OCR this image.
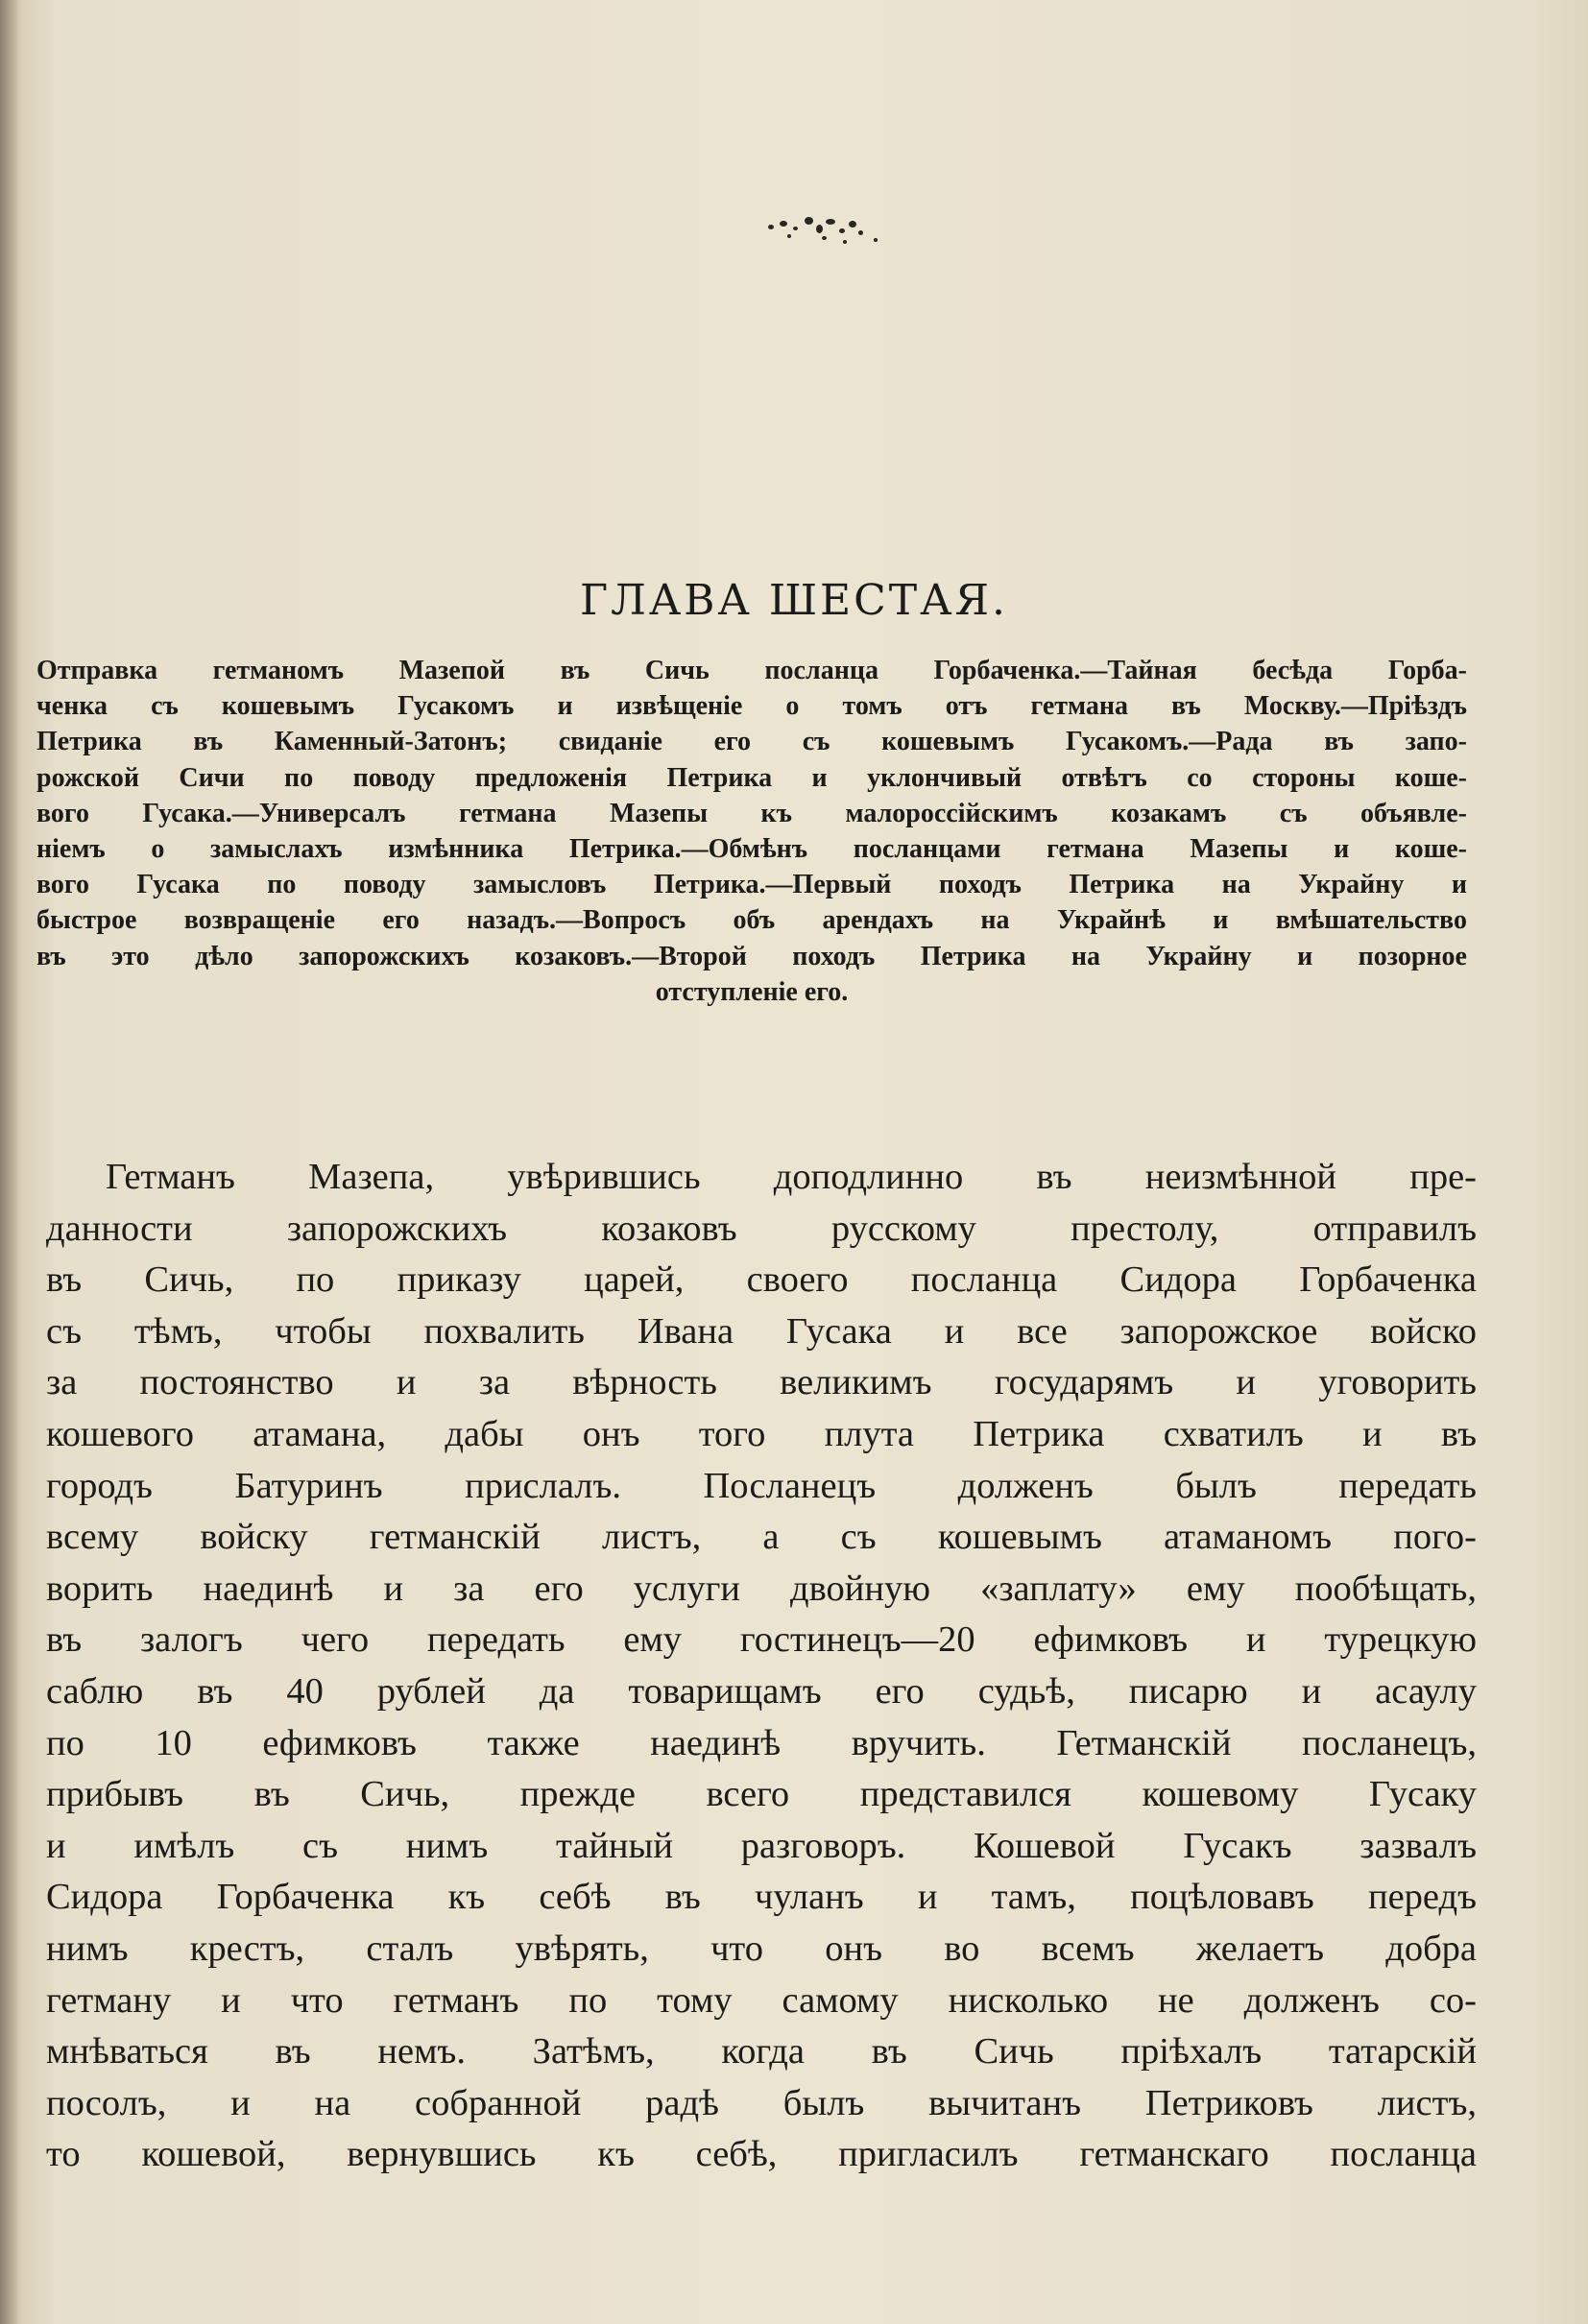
ГЛАВА ШЕСТАЯ.
Отправка гетманомъ Мазепой въ Сичь посланца Горбаченка.—Тайная бесѣда Горба-
ченка съ кошевымъ Гусакомъ и извѣщеніе о томъ отъ гетмана въ Москву.—Пріѣздъ
Петрика въ Каменный-Затонъ; свиданіе его съ кошевымъ Гусакомъ.—Рада въ запо-
рожской Сичи по поводу предложенія Петрика и уклончивый отвѣтъ со стороны коше-
вого Гусака.—Универсалъ гетмана Мазепы къ малороссійскимъ козакамъ съ объявле-
ніемъ о замыслахъ измѣнника Петрика.—Обмѣнъ посланцами гетмана Мазепы и коше-
вого Гусака по поводу замысловъ Петрика.—Первый походъ Петрика на Украйну и
быстрое возвращеніе его назадъ.—Вопросъ объ арендахъ на Украйнѣ и вмѣшательство
въ это дѣло запорожскихъ козаковъ.—Второй походъ Петрика на Украйну и позорное
отступленіе его.
Гетманъ Мазепа, увѣрившись доподлинно въ неизмѣнной пре-
данности запорожскихъ козаковъ русскому престолу, отправилъ
въ Сичь, по приказу царей, своего посланца Сидора Горбаченка
съ тѣмъ, чтобы похвалить Ивана Гусака и все запорожское войско
за постоянство и за вѣрность великимъ государямъ и уговорить
кошевого атамана, дабы онъ того плута Петрика схватилъ и въ
городъ Батуринъ прислалъ. Посланецъ долженъ былъ передать
всему войску гетманскій листъ, а съ кошевымъ атаманомъ пого-
ворить наединѣ и за его услуги двойную «заплату» ему пообѣщать,
въ залогъ чего передать ему гостинецъ—20 ефимковъ и турецкую
саблю въ 40 рублей да товарищамъ его судьѣ, писарю и асаулу
по 10 ефимковъ также наединѣ вручить. Гетманскій посланецъ,
прибывъ въ Сичь, прежде всего представился кошевому Гусаку
и имѣлъ съ нимъ тайный разговоръ. Кошевой Гусакъ зазвалъ
Сидора Горбаченка къ себѣ въ чуланъ и тамъ, поцѣловавъ передъ
нимъ крестъ, сталъ увѣрять, что онъ во всемъ желаетъ добра
гетману и что гетманъ по тому самому нисколько не долженъ со-
мнѣваться въ немъ. Затѣмъ, когда въ Сичь пріѣхалъ татарскій
посолъ, и на собранной радѣ былъ вычитанъ Петриковъ листъ,
то кошевой, вернувшись къ себѣ, пригласилъ гетманскаго посланца
